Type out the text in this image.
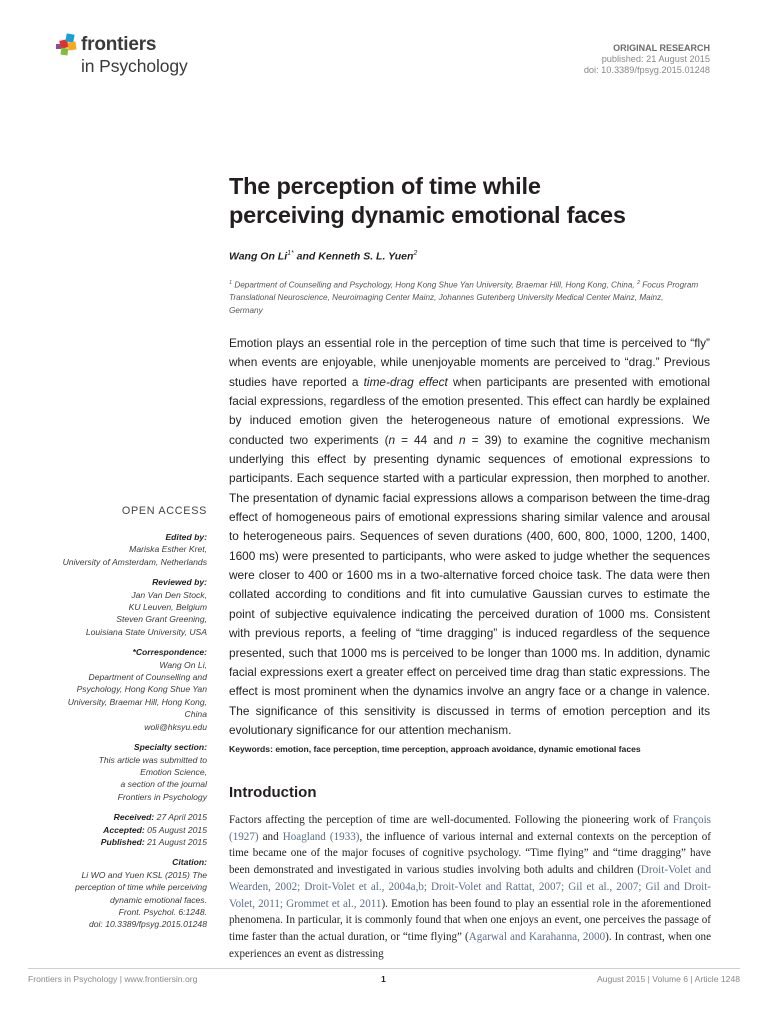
frontiers
in Psychology
ORIGINAL RESEARCH
published: 21 August 2015
doi: 10.3389/fpsyg.2015.01248
The perception of time while
perceiving dynamic emotional faces
Wang On $Li^{1*}$ and Kenneth S. L. Yuen$^2$
$^1$ Department of Counselling and Psychology, Hong Kong Shue Yan University, Braemar Hill, Hong Kong, China, $^2$ Focus Program Translational Neuroscience, Neuroimaging Center Mainz, Johannes Gutenberg University Medical Center Mainz, Mainz, Germany
Emotion plays an essential role in the perception of time such that time is perceived to “fly” when events are enjoyable, while unenjoyable moments are perceived to “drag.” Previous studies have reported a time-drag effect when participants are presented with emotional facial expressions, regardless of the emotion presented. This effect can hardly be explained by induced emotion given the heterogeneous nature of emotional expressions. We conducted two experiments (n = 44 and n = 39) to examine the cognitive mechanism underlying this effect by presenting dynamic sequences of emotional expressions to participants. Each sequence started with a particular expression, then morphed to another. The presentation of dynamic facial expressions allows a comparison between the time-drag effect of homogeneous pairs of emotional expressions sharing similar valence and arousal to heterogeneous pairs. Sequences of seven durations (400, 600, 800, 1000, 1200, 1400, 1600 ms) were presented to participants, who were asked to judge whether the sequences were closer to 400 or 1600 ms in a two-alternative forced choice task. The data were then collated according to conditions and fit into cumulative Gaussian curves to estimate the point of subjective equivalence indicating the perceived duration of 1000 ms. Consistent with previous reports, a feeling of “time dragging” is induced regardless of the sequence presented, such that 1000 ms is perceived to be longer than 1000 ms. In addition, dynamic facial expressions exert a greater effect on perceived time drag than static expressions. The effect is most prominent when the dynamics involve an angry face or a change in valence. The significance of this sensitivity is discussed in terms of emotion perception and its evolutionary significance for our attention mechanism.
Keywords: emotion, face perception, time perception, approach avoidance, dynamic emotional faces
Introduction
Factors affecting the perception of time are well-documented. Following the pioneering work of François (1927) and Hoagland (1933), the influence of various internal and external contexts on the perception of time became one of the major focuses of cognitive psychology. “Time flying” and “time dragging” have been demonstrated and investigated in various studies involving both adults and children (Droit-Volet and Wearden, 2002; Droit-Volet et al., 2004a,b; Droit-Volet and Rattat, 2007; Gil et al., 2007; Gil and Droit-Volet, 2011; Grommet et al., 2011). Emotion has been found to play an essential role in the aforementioned phenomena. In particular, it is commonly found that when one enjoys an event, one perceives the passage of time faster than the actual duration, or “time flying” (Agarwal and Karahanna, 2000). In contrast, when one experiences an event as distressing
OPEN ACCESS
Edited by:
Mariska Esther Kret,
University of Amsterdam, Netherlands
Reviewed by:
Jan Van Den Stock,
KU Leuven, Belgium
Steven Grant Greening,
Louisiana State University, USA
*Correspondence:
Wang On Li,
Department of Counselling and
Psychology, Hong Kong Shue Yan
University, Braemar Hill, Hong Kong,
China
woli@hksyu.edu
Specialty section:
This article was submitted to
Emotion Science,
a section of the journal
Frontiers in Psychology
Received: 27 April 2015
Accepted: 05 August 2015
Published: 21 August 2015
Citation:
Li WO and Yuen KSL (2015) The
perception of time while perceiving
dynamic emotional faces.
Front. Psychol. 6:1248.
doi: 10.3389/fpsyg.2015.01248
Frontiers in Psychology | www.frontiersin.org	1	August 2015 | Volume 6 | Article 1248
